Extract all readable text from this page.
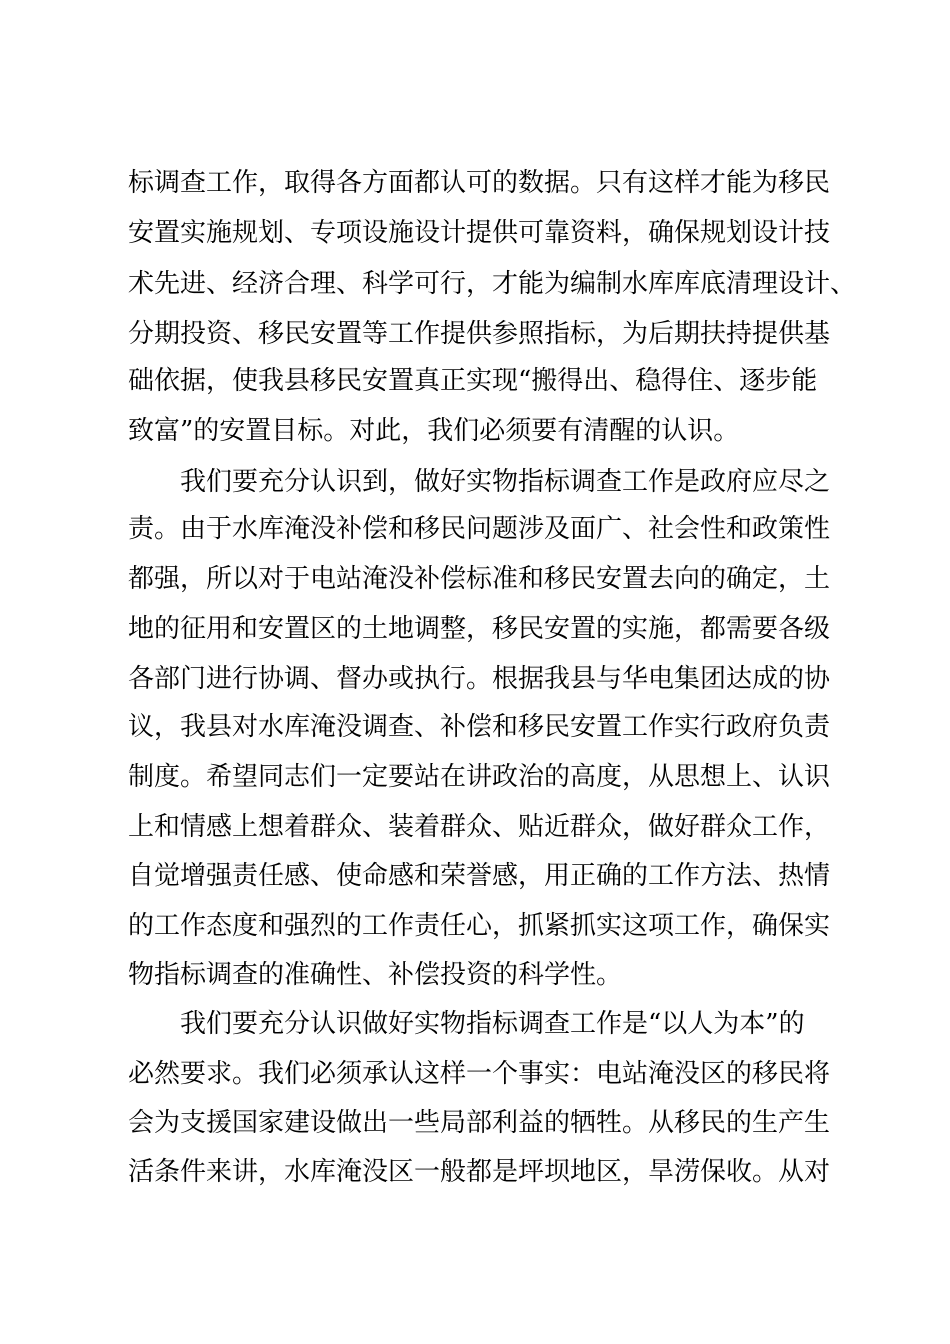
标调查工作，取得各方面都认可的数据。只有这样才能为移民
安置实施规划、专项设施设计提供可靠资料，确保规划设计技
术先进、经济合理、科学可行，才能为编制水库库底清理设计、
分期投资、移民安置等工作提供参照指标，为后期扶持提供基
础依据，使我县移民安置真正实现“搬得出、稳得住、逐步能
致富”的安置目标。对此，我们必须要有清醒的认识。
我们要充分认识到，做好实物指标调查工作是政府应尽之
责。由于水库淹没补偿和移民问题涉及面广、社会性和政策性
都强，所以对于电站淹没补偿标准和移民安置去向的确定，土
地的征用和安置区的土地调整，移民安置的实施，都需要各级
各部门进行协调、督办或执行。根据我县与华电集团达成的协
议，我县对水库淹没调查、补偿和移民安置工作实行政府负责
制度。希望同志们一定要站在讲政治的高度，从思想上、认识
上和情感上想着群众、装着群众、贴近群众，做好群众工作，
自觉增强责任感、使命感和荣誉感，用正确的工作方法、热情
的工作态度和强烈的工作责任心，抓紧抓实这项工作，确保实
物指标调查的准确性、补偿投资的科学性。
我们要充分认识做好实物指标调查工作是“以人为本”的
必然要求。我们必须承认这样一个事实：电站淹没区的移民将
会为支援国家建设做出一些局部利益的牺牲。从移民的生产生
活条件来讲，水库淹没区一般都是坪坝地区，旱涝保收。从对
